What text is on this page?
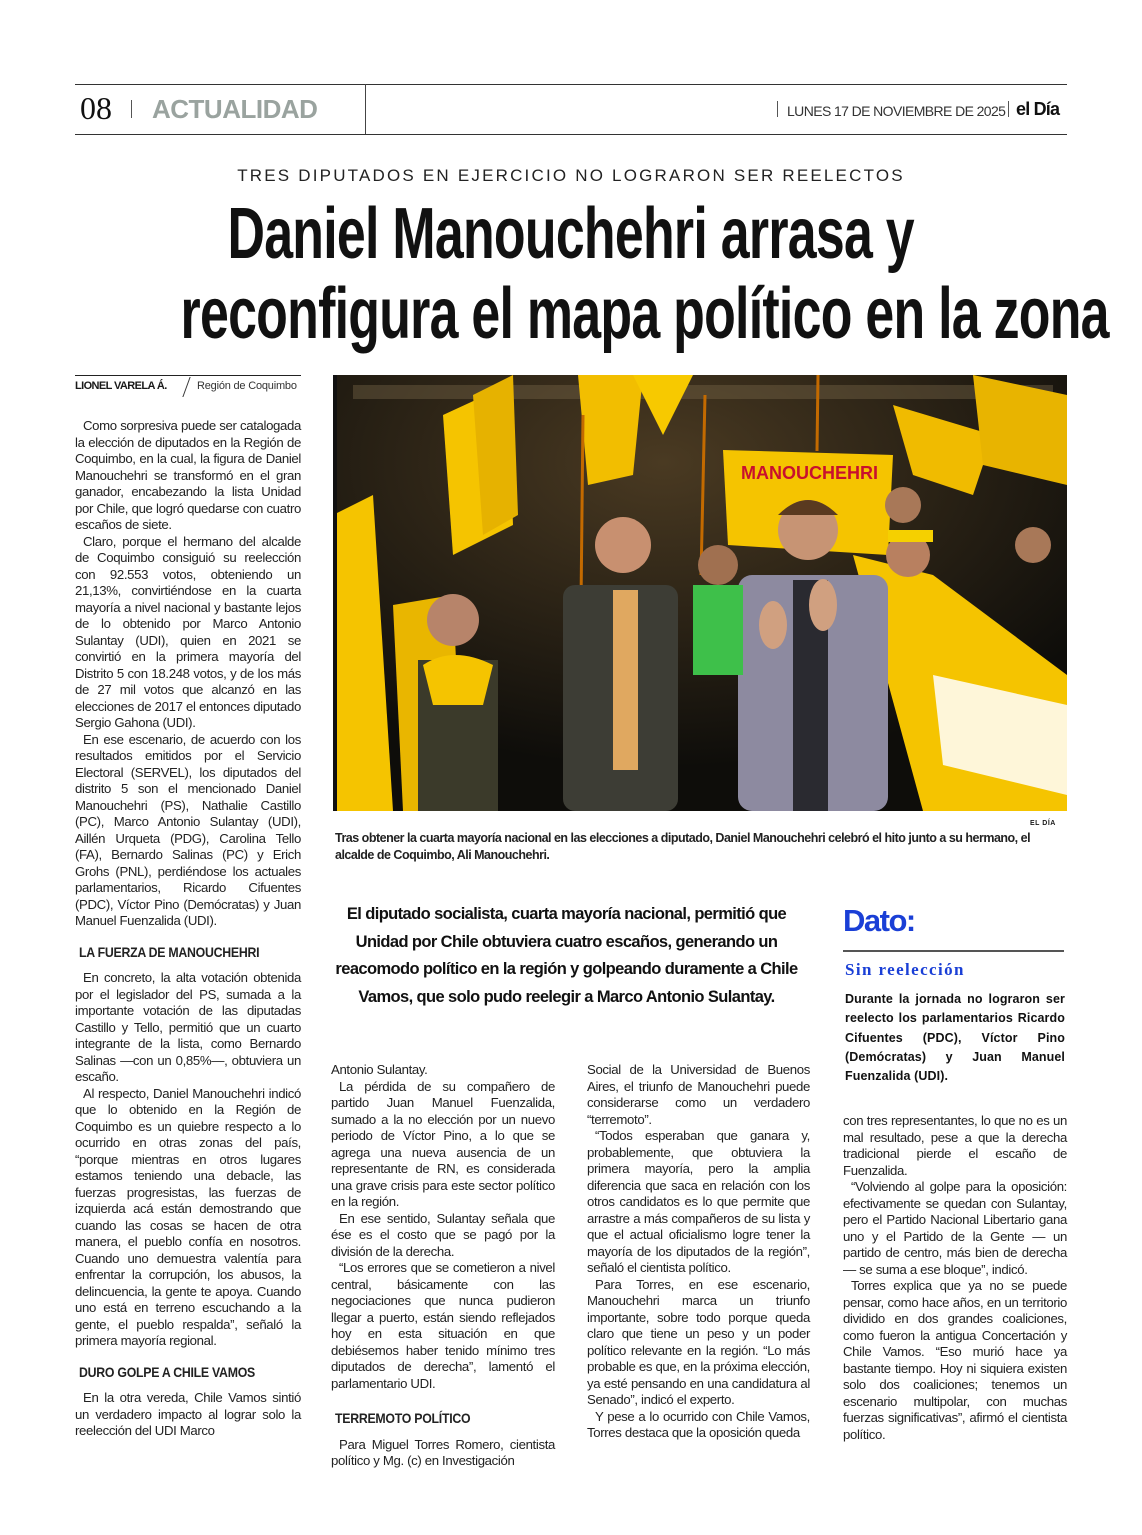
08 ACTUALIDAD	LUNES 17 DE NOVIEMBRE DE 2025 el Día
TRES DIPUTADOS EN EJERCICIO NO LOGRARON SER REELECTOS
Daniel Manouchehri arrasa y
reconfigura el mapa político en la zona
LIONEL VARELA Á.	Región de Coquimbo

Como sorpresiva puede ser catalogada la elección de diputados en la Región de Coquimbo, en la cual, la figura de Daniel Manouchehri se transformó en el gran ganador, encabezando la lista Unidad por Chile, que logró quedarse con cuatro escaños de siete.

Claro, porque el hermano del alcalde de Coquimbo consiguió su reelección con 92.553 votos, obteniendo un 21,13%, convirtiéndose en la cuarta mayoría a nivel nacional y bastante lejos de lo obtenido por Marco Antonio Sulantay (UDI), quien en 2021 se convirtió en la primera mayoría del Distrito 5 con 18.248 votos, y de los más de 27 mil votos que alcanzó en las elecciones de 2017 el entonces diputado Sergio Gahona (UDI).

En ese escenario, de acuerdo con los resultados emitidos por el Servicio Electoral (SERVEL), los diputados del distrito 5 son el mencionado Daniel Manouchehri (PS), Nathalie Castillo (PC), Marco Antonio Sulantay (UDI), Aillén Urqueta (PDG), Carolina Tello (FA), Bernardo Salinas (PC) y Erich Grohs (PNL), perdiéndose los actuales parlamentarios, Ricardo Cifuentes (PDC), Víctor Pino (Demócratas) y Juan Manuel Fuenzalida (UDI).

LA FUERZA DE MANOUCHEHRI

En concreto, la alta votación obtenida por el legislador del PS, sumada a la importante votación de las diputadas Castillo y Tello, permitió que un cuarto integrante de la lista, como Bernardo Salinas —con un 0,85%—, obtuviera un escaño.

Al respecto, Daniel Manouchehri indicó que lo obtenido en la Región de Coquimbo es un quiebre respecto a lo ocurrido en otras zonas del país, “porque mientras en otros lugares estamos teniendo una debacle, las fuerzas progresistas, las fuerzas de izquierda acá están demostrando que cuando las cosas se hacen de otra manera, el pueblo confía en nosotros. Cuando uno demuestra valentía para enfrentar la corrupción, los abusos, la delincuencia, la gente te apoya. Cuando uno está en terreno escuchando a la gente, el pueblo respalda”, señaló la primera mayoría regional.

DURO GOLPE A CHILE VAMOS

En la otra vereda, Chile Vamos sintió un verdadero impacto al lograr solo la reelección del UDI Marco

MANOUCHEHRI
EL DÍA
Tras obtener la cuarta mayoría nacional en las elecciones a diputado, Daniel Manouchehri celebró el hito junto a su hermano, el alcalde de Coquimbo, Ali Manouchehri.
El diputado socialista, cuarta mayoría nacional, permitió que Unidad por Chile obtuviera cuatro escaños, generando un reacomodo político en la región y golpeando duramente a Chile Vamos, que solo pudo reelegir a Marco Antonio Sulantay.

Antonio Sulantay.

La pérdida de su compañero de partido Juan Manuel Fuenzalida, sumado a la no elección por un nuevo periodo de Víctor Pino, a lo que se agrega una nueva ausencia de un representante de RN, es considerada una grave crisis para este sector político en la región.

En ese sentido, Sulantay señala que ése es el costo que se pagó por la división de la derecha.

“Los errores que se cometieron a nivel central, básicamente con las negociaciones que nunca pudieron llegar a puerto, están siendo reflejados hoy en esta situación en que debiésemos haber tenido mínimo tres diputados de derecha”, lamentó el parlamentario UDI.

TERREMOTO POLÍTICO

Para Miguel Torres Romero, cientista político y Mg. (c) en Investigación

Social de la Universidad de Buenos Aires, el triunfo de Manouchehri puede considerarse como un verdadero “terremoto”.

“Todos esperaban que ganara y, probablemente, que obtuviera la primera mayoría, pero la amplia diferencia que saca en relación con los otros candidatos es lo que permite que arrastre a más compañeros de su lista y que el actual oficialismo logre tener la mayoría de los diputados de la región”, señaló el cientista político.

Para Torres, en ese escenario, Manouchehri marca un triunfo importante, sobre todo porque queda claro que tiene un peso y un poder político relevante en la región. “Lo más probable es que, en la próxima elección, ya esté pensando en una candidatura al Senado”, indicó el experto.

Y pese a lo ocurrido con Chile Vamos, Torres destaca que la oposición queda

Dato:
Sin reelección
Durante la jornada no lograron ser reelecto los parlamentarios Ricardo Cifuentes (PDC), Víctor Pino (Demócratas) y Juan Manuel Fuenzalida (UDI).

con tres representantes, lo que no es un mal resultado, pese a que la derecha tradicional pierde el escaño de Fuenzalida.

“Volviendo al golpe para la oposición: efectivamente se quedan con Sulantay, pero el Partido Nacional Libertario gana uno y el Partido de la Gente — un partido de centro, más bien de derecha — se suma a ese bloque”, indicó.

Torres explica que ya no se puede pensar, como hace años, en un territorio dividido en dos grandes coaliciones, como fueron la antigua Concertación y Chile Vamos. “Eso murió hace ya bastante tiempo. Hoy ni siquiera existen solo dos coaliciones; tenemos un escenario multipolar, con muchas fuerzas significativas”, afirmó el cientista político.
